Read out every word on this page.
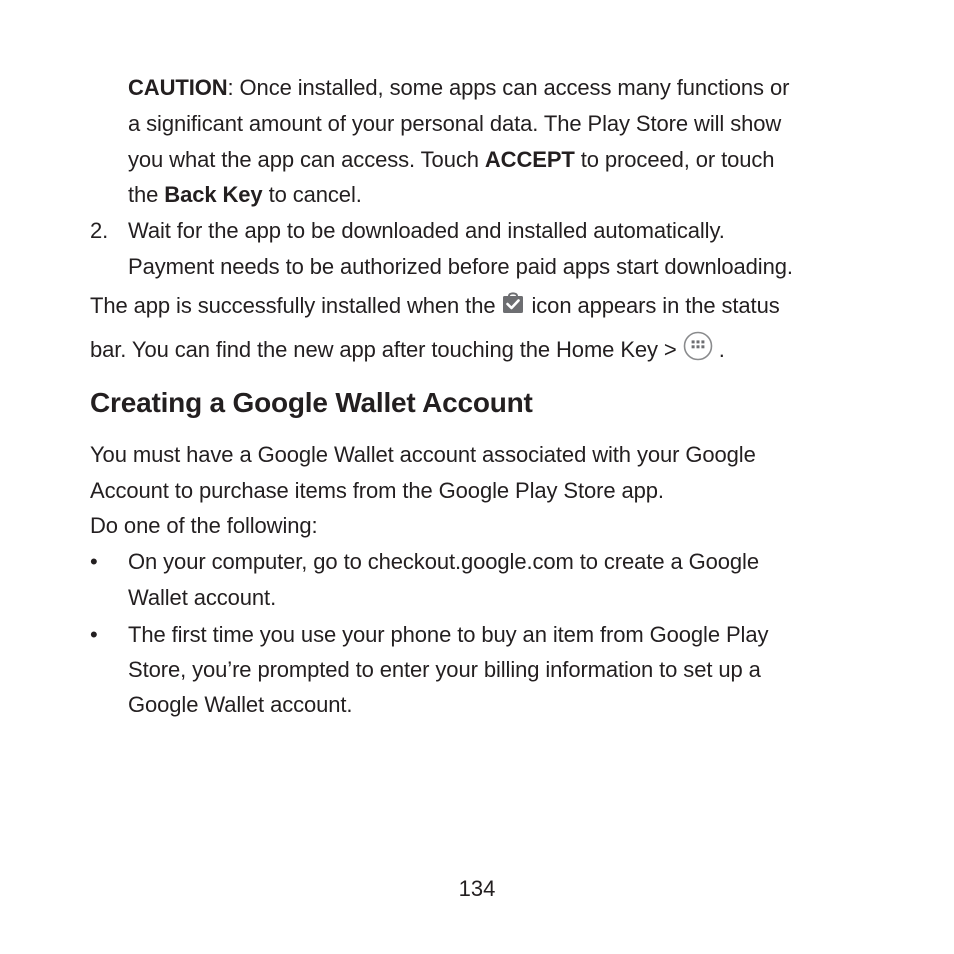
CAUTION: Once installed, some apps can access many functions or
a significant amount of your personal data. The Play Store will show
you what the app can access. Touch ACCEPT to proceed, or touch
the Back Key to cancel.
2. Wait for the app to be downloaded and installed automatically.
Payment needs to be authorized before paid apps start downloading.
The app is successfully installed when the  icon appears in the status
bar. You can find the new app after touching the Home Key >  .
Creating a Google Wallet Account
You must have a Google Wallet account associated with your Google
Account to purchase items from the Google Play Store app.
Do one of the following:
• On your computer, go to checkout.google.com to create a Google
Wallet account.
• The first time you use your phone to buy an item from Google Play
Store, you’re prompted to enter your billing information to set up a
Google Wallet account.
134
